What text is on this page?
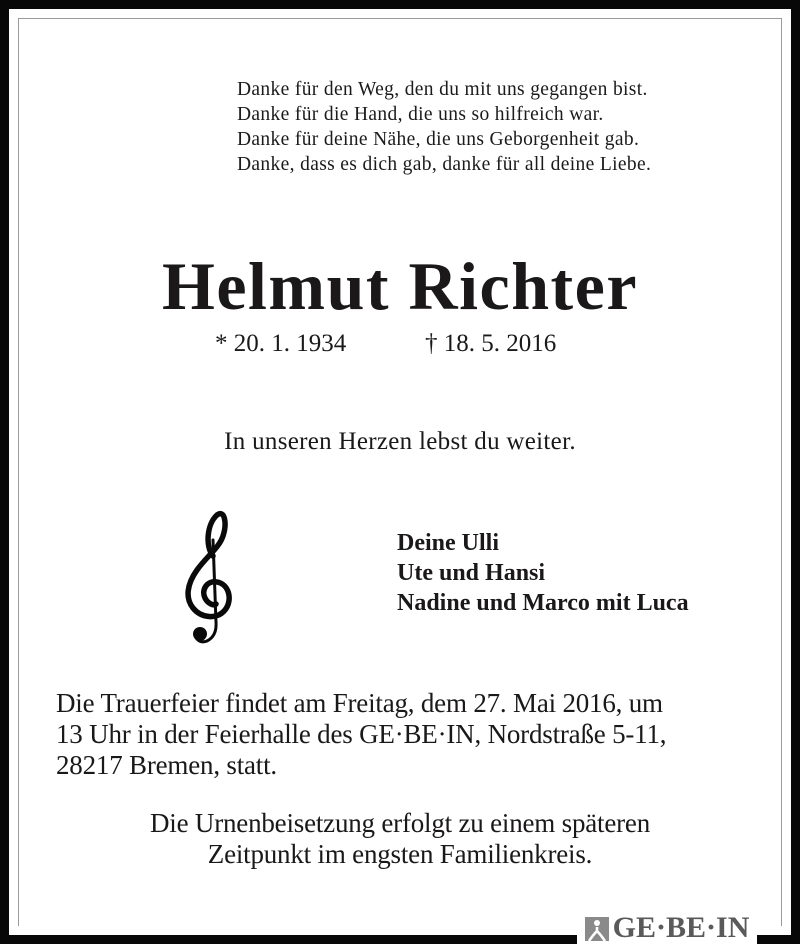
Danke für den Weg, den du mit uns gegangen bist.
Danke für die Hand, die uns so hilfreich war.
Danke für deine Nähe, die uns Geborgenheit gab.
Danke, dass es dich gab, danke für all deine Liebe.
Helmut Richter
* 20. 1. 1934	† 18. 5. 2016
In unseren Herzen lebst du weiter.
Deine Ulli
Ute und Hansi
Nadine und Marco mit Luca
Die Trauerfeier findet am Freitag, dem 27. Mai 2016, um
13 Uhr in der Feierhalle des GE·BE·IN, Nordstraße 5-11,
28217 Bremen, statt.
Die Urnenbeisetzung erfolgt zu einem späteren
Zeitpunkt im engsten Familienkreis.
GE·BE·IN
